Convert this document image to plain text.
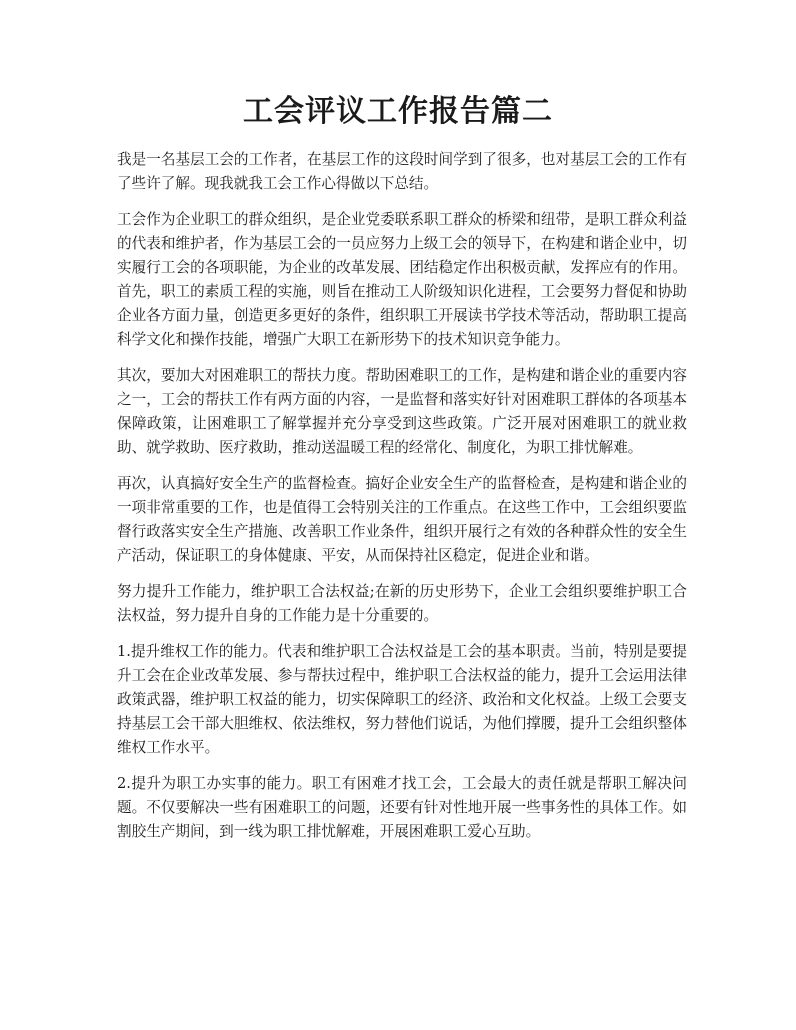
工会评议工作报告篇二

我是一名基层工会的工作者，在基层工作的这段时间学到了很多，也对基层工会的工作有了些许了解。现我就我工会工作心得做以下总结。

工会作为企业职工的群众组织，是企业党委联系职工群众的桥梁和纽带，是职工群众利益的代表和维护者，作为基层工会的一员应努力上级工会的领导下，在构建和谐企业中，切实履行工会的各项职能，为企业的改革发展、团结稳定作出积极贡献，发挥应有的作用。首先，职工的素质工程的实施，则旨在推动工人阶级知识化进程，工会要努力督促和协助企业各方面力量，创造更多更好的条件，组织职工开展读书学技术等活动，帮助职工提高科学文化和操作技能，增强广大职工在新形势下的技术知识竞争能力。

其次，要加大对困难职工的帮扶力度。帮助困难职工的工作，是构建和谐企业的重要内容之一，工会的帮扶工作有两方面的内容，一是监督和落实好针对困难职工群体的各项基本保障政策，让困难职工了解掌握并充分享受到这些政策。广泛开展对困难职工的就业救助、就学救助、医疗救助，推动送温暖工程的经常化、制度化，为职工排忧解难。

再次，认真搞好安全生产的监督检查。搞好企业安全生产的监督检查，是构建和谐企业的一项非常重要的工作，也是值得工会特别关注的工作重点。在这些工作中，工会组织要监督行政落实安全生产措施、改善职工作业条件，组织开展行之有效的各种群众性的安全生产活动，保证职工的身体健康、平安，从而保持社区稳定，促进企业和谐。

努力提升工作能力，维护职工合法权益;在新的历史形势下，企业工会组织要维护职工合法权益，努力提升自身的工作能力是十分重要的。

1.提升维权工作的能力。代表和维护职工合法权益是工会的基本职责。当前，特别是要提升工会在企业改革发展、参与帮扶过程中，维护职工合法权益的能力，提升工会运用法律政策武器，维护职工权益的能力，切实保障职工的经济、政治和文化权益。上级工会要支持基层工会干部大胆维权、依法维权，努力替他们说话，为他们撑腰，提升工会组织整体维权工作水平。

2.提升为职工办实事的能力。职工有困难才找工会，工会最大的责任就是帮职工解决问题。不仅要解决一些有困难职工的问题，还要有针对性地开展一些事务性的具体工作。如割胶生产期间，到一线为职工排忧解难，开展困难职工爱心互助。
